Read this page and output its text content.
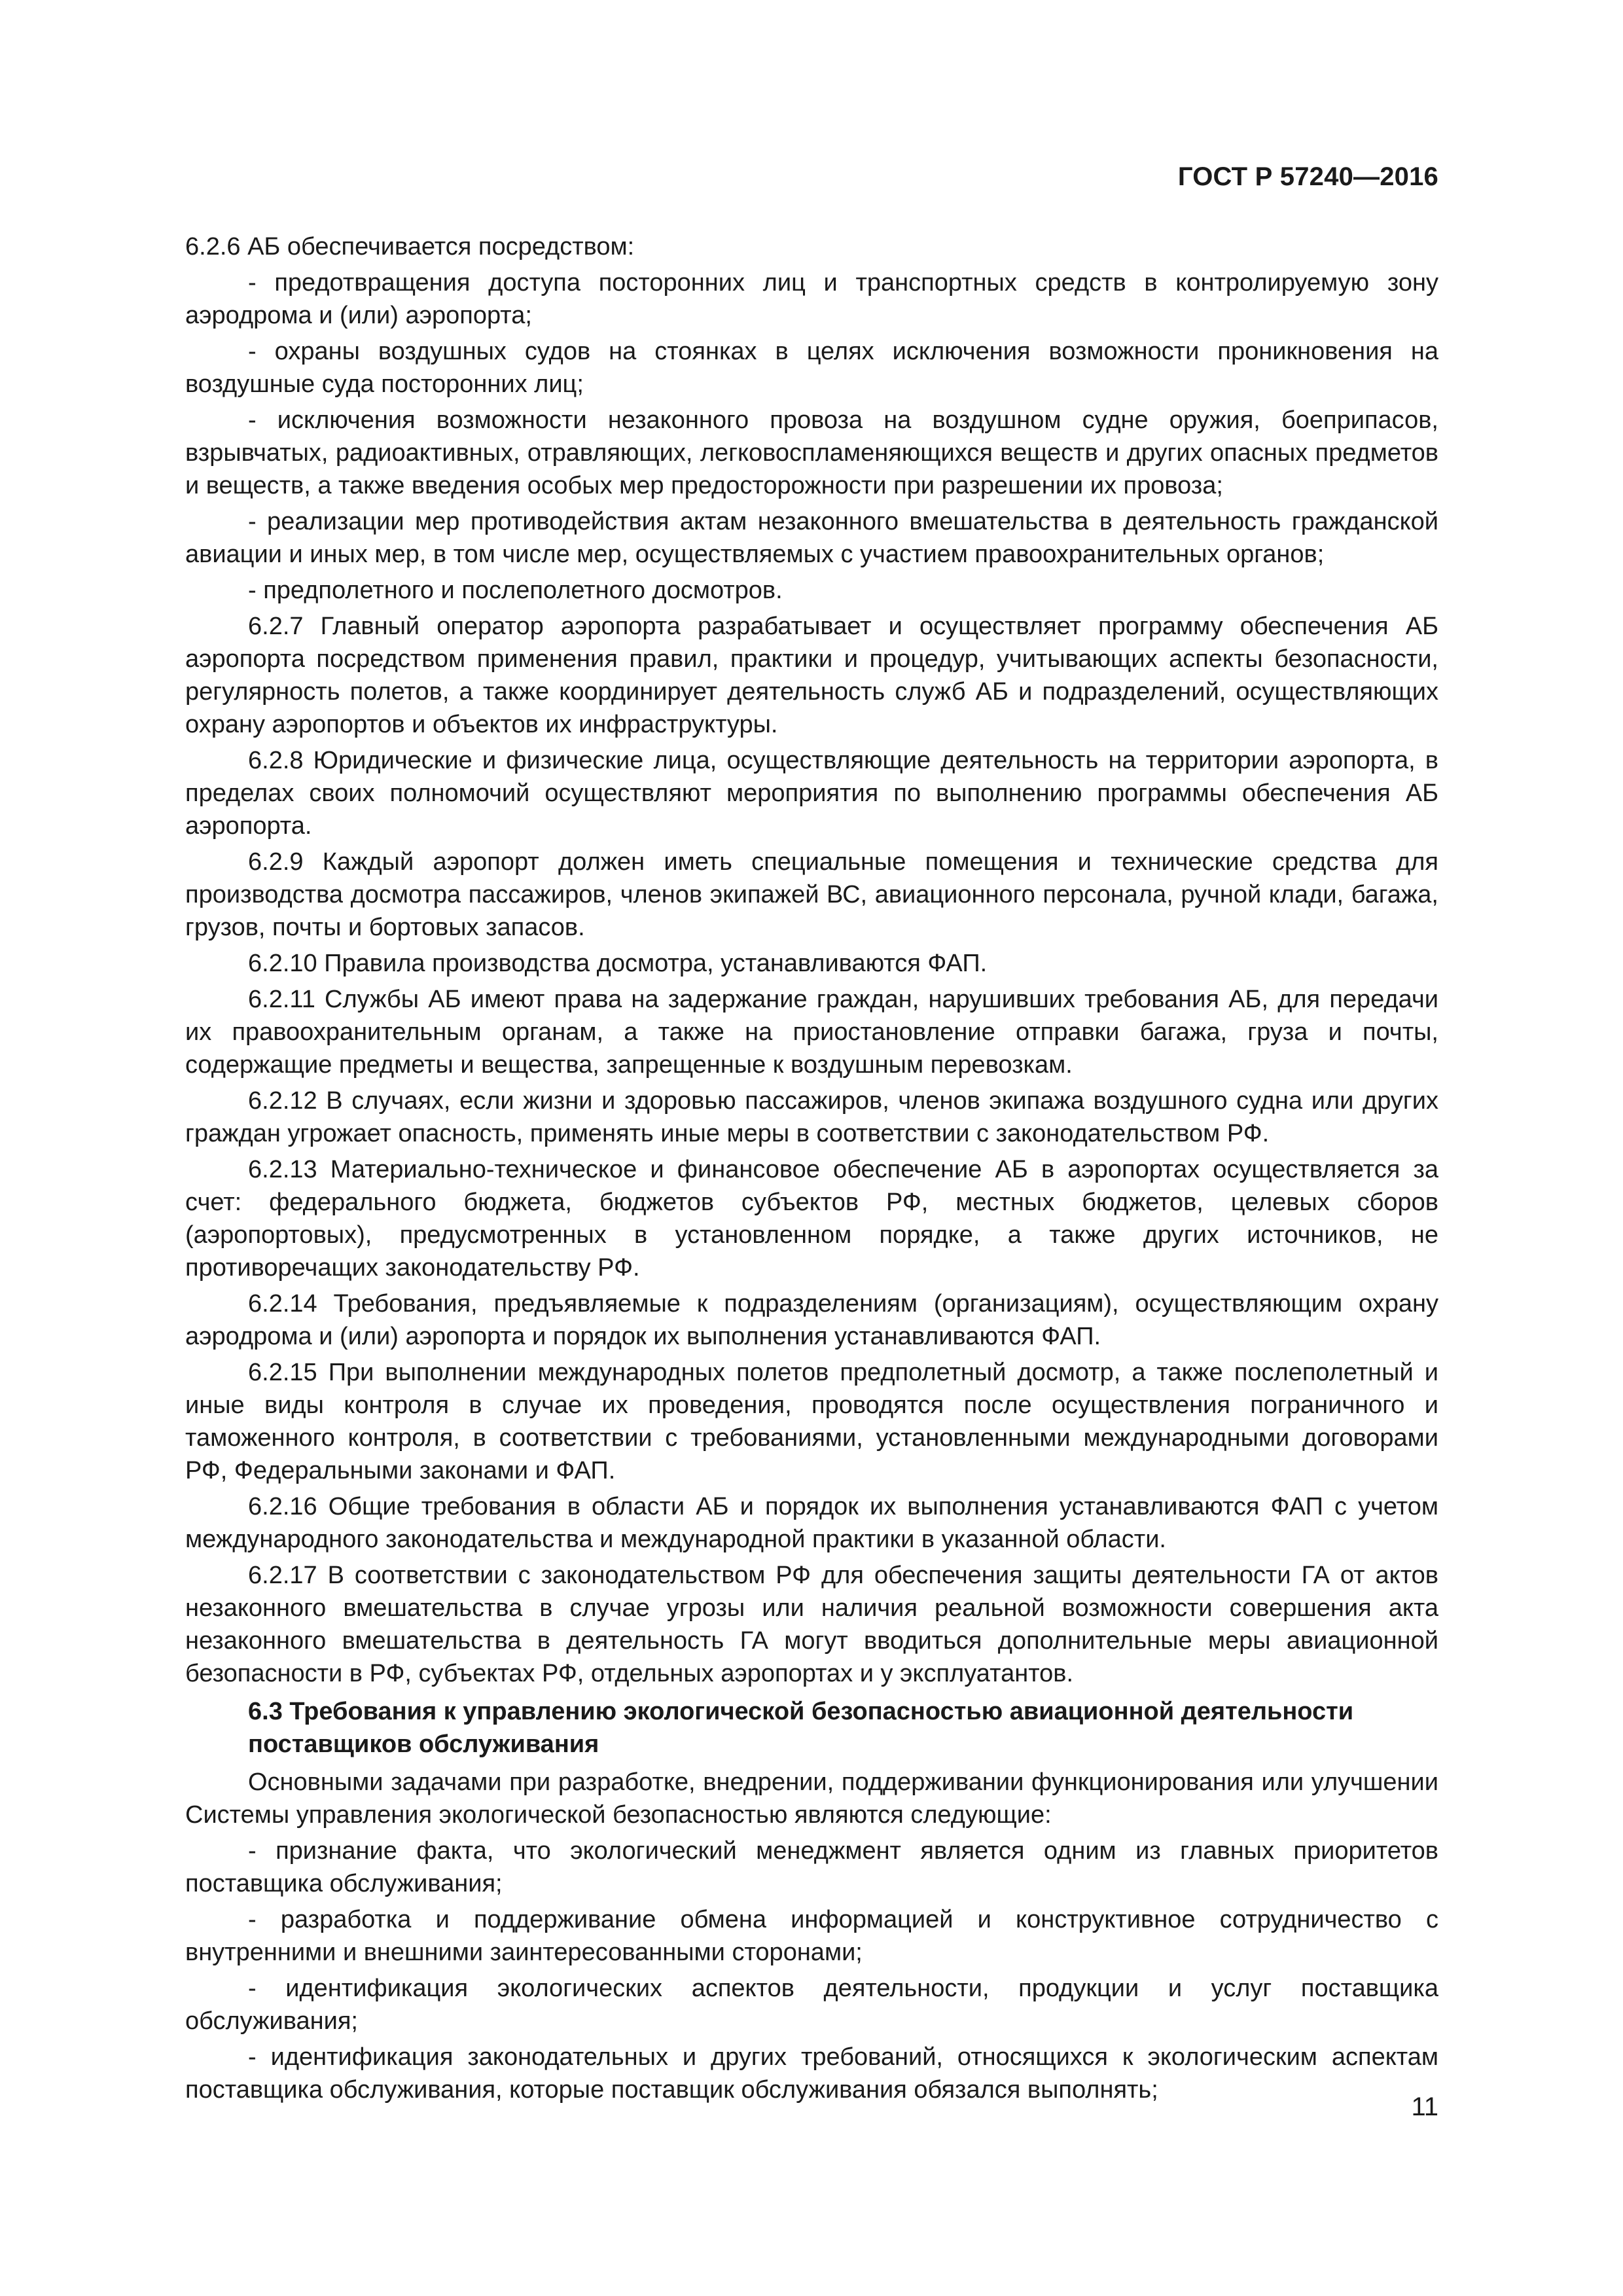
ГОСТ Р 57240—2016

6.2.6 АБ обеспечивается посредством:

- предотвращения доступа посторонних лиц и транспортных средств в контролируемую зону аэродрома и (или) аэропорта;

- охраны воздушных судов на стоянках в целях исключения возможности проникновения на воздушные суда посторонних лиц;

- исключения возможности незаконного провоза на воздушном судне оружия, боеприпасов, взрывчатых, радиоактивных, отравляющих, легковоспламеняющихся веществ и других опасных предметов и веществ, а также введения особых мер предосторожности при разрешении их провоза;

- реализации мер противодействия актам незаконного вмешательства в деятельность гражданской авиации и иных мер, в том числе мер, осуществляемых с участием правоохранительных органов;

- предполетного и послеполетного досмотров.

6.2.7 Главный оператор аэропорта разрабатывает и осуществляет программу обеспечения АБ аэропорта посредством применения правил, практики и процедур, учитывающих аспекты безопасности, регулярность полетов, а также координирует деятельность служб АБ и подразделений, осуществляющих охрану аэропортов и объектов их инфраструктуры.

6.2.8 Юридические и физические лица, осуществляющие деятельность на территории аэропорта, в пределах своих полномочий осуществляют мероприятия по выполнению программы обеспечения АБ аэропорта.

6.2.9 Каждый аэропорт должен иметь специальные помещения и технические средства для производства досмотра пассажиров, членов экипажей ВС, авиационного персонала, ручной клади, багажа, грузов, почты и бортовых запасов.

6.2.10 Правила производства досмотра, устанавливаются ФАП.

6.2.11 Службы АБ имеют права на задержание граждан, нарушивших требования АБ, для передачи их правоохранительным органам, а также на приостановление отправки багажа, груза и почты, содержащие предметы и вещества, запрещенные к воздушным перевозкам.

6.2.12 В случаях, если жизни и здоровью пассажиров, членов экипажа воздушного судна или других граждан угрожает опасность, применять иные меры в соответствии с законодательством РФ.

6.2.13 Материально-техническое и финансовое обеспечение АБ в аэропортах осуществляется за счет: федерального бюджета, бюджетов субъектов РФ, местных бюджетов, целевых сборов (аэропортовых), предусмотренных в установленном порядке, а также других источников, не противоречащих законодательству РФ.

6.2.14 Требования, предъявляемые к подразделениям (организациям), осуществляющим охрану аэродрома и (или) аэропорта и порядок их выполнения устанавливаются ФАП.

6.2.15 При выполнении международных полетов предполетный досмотр, а также послеполетный и иные виды контроля в случае их проведения, проводятся после осуществления пограничного и таможенного контроля, в соответствии с требованиями, установленными международными договорами РФ, Федеральными законами и ФАП.

6.2.16 Общие требования в области АБ и порядок их выполнения устанавливаются ФАП с учетом международного законодательства и международной практики в указанной области.

6.2.17 В соответствии с законодательством РФ для обеспечения защиты деятельности ГА от актов незаконного вмешательства в случае угрозы или наличия реальной возможности совершения акта незаконного вмешательства в деятельность ГА могут вводиться дополнительные меры авиационной безопасности в РФ, субъектах РФ, отдельных аэропортах и у эксплуатантов.

6.3 Требования к управлению экологической безопасностью авиационной деятельности поставщиков обслуживания

Основными задачами при разработке, внедрении, поддерживании функционирования или улучшении Системы управления экологической безопасностью являются следующие:

- признание факта, что экологический менеджмент является одним из главных приоритетов поставщика обслуживания;

- разработка и поддерживание обмена информацией и конструктивное сотрудничество с внутренними и внешними заинтересованными сторонами;

- идентификация экологических аспектов деятельности, продукции и услуг поставщика обслуживания;

- идентификация законодательных и других требований, относящихся к экологическим аспектам поставщика обслуживания, которые поставщик обслуживания обязался выполнять;

11
